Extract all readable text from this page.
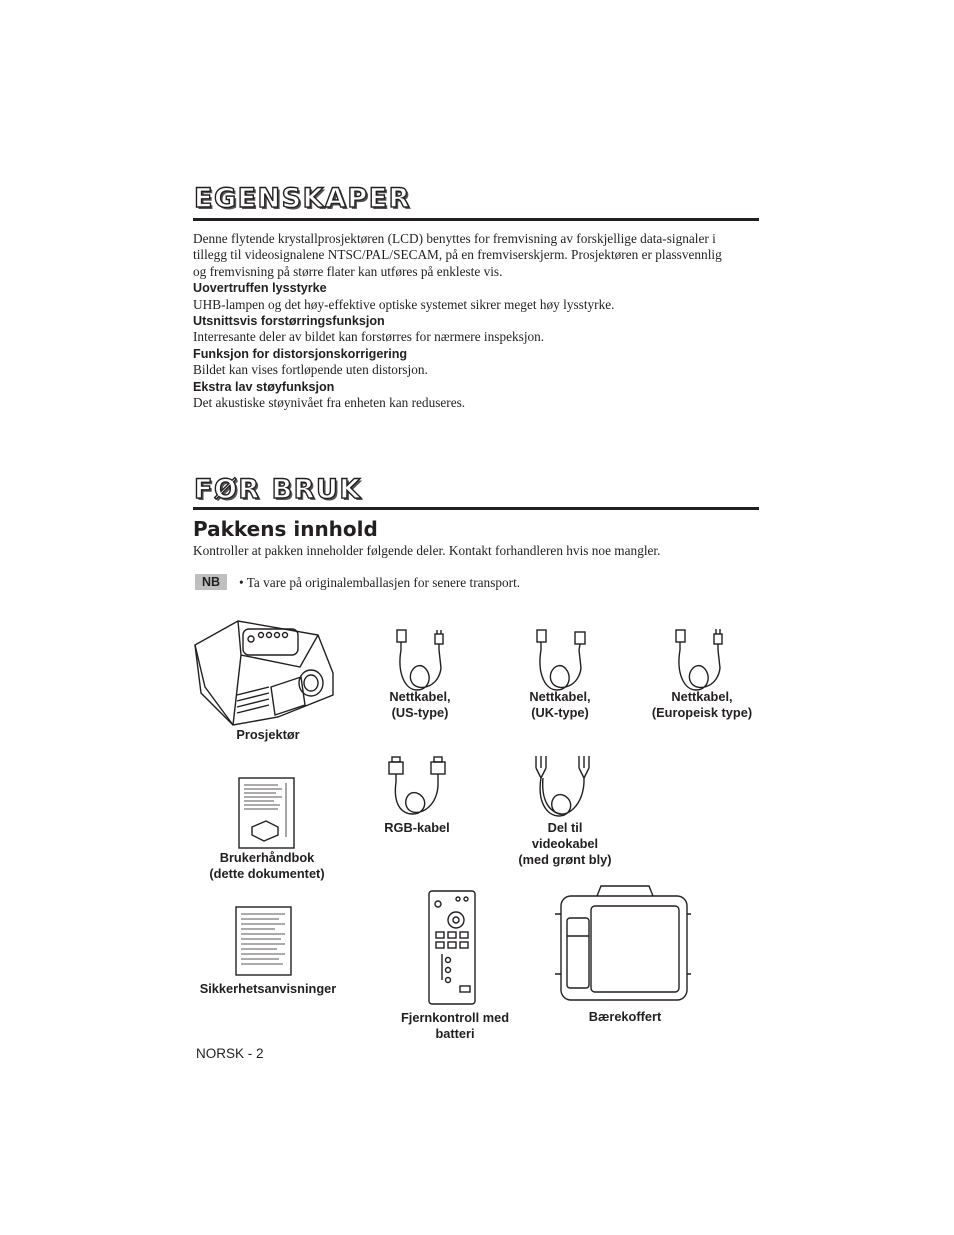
EGENSKAPER
Denne flytende krystallprosjektøren (LCD) benyttes for fremvisning av forskjellige data-signaler i
tillegg til videosignalene NTSC/PAL/SECAM, på en fremviserskjerm. Prosjektøren er plassvennlig
og fremvisning på større flater kan utføres på enkleste vis.
Uovertruffen lysstyrke
UHB-lampen og det høy-effektive optiske systemet sikrer meget høy lysstyrke.
Utsnittsvis forstørringsfunksjon
Interresante deler av bildet kan forstørres for nærmere inspeksjon.
Funksjon for distorsjonskorrigering
Bildet kan vises fortløpende uten distorsjon.
Ekstra lav støyfunksjon
Det akustiske støynivået fra enheten kan reduseres.
FØR BRUK
Pakkens innhold
Kontroller at pakken inneholder følgende deler. Kontakt forhandleren hvis noe mangler.
NB	• Ta vare på originalemballasjen for senere transport.
Prosjektør
Nettkabel,
(US-type)
Nettkabel,
(UK-type)
Nettkabel,
(Europeisk type)
RGB-kabel	Del til
videokabel
(med grønt bly)
Brukerhåndbok
(dette dokumentet)
Sikkerhetsanvisninger
Fjernkontroll med
batteri
Bærekoffert
NORSK - 2
